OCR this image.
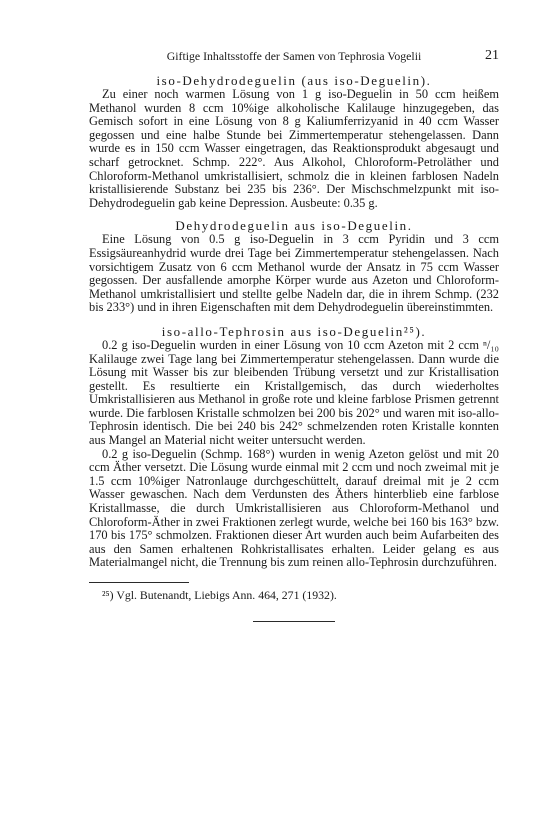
Giftige Inhaltsstoffe der Samen von Tephrosia Vogelii	21
iso-Dehydrodeguelin (aus iso-Deguelin).

Zu einer noch warmen Lösung von 1 g iso-Deguelin in 50 ccm heißem Methanol wurden 8 ccm 10%ige alkoholische Kalilauge hinzugegeben, das Gemisch sofort in eine Lösung von 8 g Kaliumferrizyanid in 40 ccm Wasser gegossen und eine halbe Stunde bei Zimmertemperatur stehengelassen. Dann wurde es in 150 ccm Wasser eingetragen, das Reaktionsprodukt abgesaugt und scharf getrocknet. Schmp. 222°. Aus Alkohol, Chloroform-Petroläther und Chloroform-Methanol umkristallisiert, schmolz die in kleinen farblosen Nadeln kristallisierende Substanz bei 235 bis 236°. Der Mischschmelzpunkt mit iso-Dehydrodeguelin gab keine Depression. Ausbeute: 0.35 g.

Dehydrodeguelin aus iso-Deguelin.

Eine Lösung von 0.5 g iso-Deguelin in 3 ccm Pyridin und 3 ccm Essigsäureanhydrid wurde drei Tage bei Zimmertemperatur stehengelassen. Nach vorsichtigem Zusatz von 6 ccm Methanol wurde der Ansatz in 75 ccm Wasser gegossen. Der ausfallende amorphe Körper wurde aus Azeton und Chloroform-Methanol umkristallisiert und stellte gelbe Nadeln dar, die in ihrem Schmp. (232 bis 233°) und in ihren Eigenschaften mit dem Dehydrodeguelin übereinstimmten.

iso-allo-Tephrosin aus iso-Deguelin²⁵).

0.2 g iso-Deguelin wurden in einer Lösung von 10 ccm Azeton mit 2 ccm ⁿ/₁₀ Kalilauge zwei Tage lang bei Zimmertemperatur stehengelassen. Dann wurde die Lösung mit Wasser bis zur bleibenden Trübung versetzt und zur Kristallisation gestellt. Es resultierte ein Kristallgemisch, das durch wiederholtes Umkristallisieren aus Methanol in große rote und kleine farblose Prismen getrennt wurde. Die farblosen Kristalle schmolzen bei 200 bis 202° und waren mit iso-allo-Tephrosin identisch. Die bei 240 bis 242° schmelzenden roten Kristalle konnten aus Mangel an Material nicht weiter untersucht werden.

0.2 g iso-Deguelin (Schmp. 168°) wurden in wenig Azeton gelöst und mit 20 ccm Äther versetzt. Die Lösung wurde einmal mit 2 ccm und noch zweimal mit je 1.5 ccm 10%iger Natronlauge durchgeschüttelt, darauf dreimal mit je 2 ccm Wasser gewaschen. Nach dem Verdunsten des Äthers hinterblieb eine farblose Kristallmasse, die durch Umkristallisieren aus Chloroform-Methanol und Chloroform-Äther in zwei Fraktionen zerlegt wurde, welche bei 160 bis 163° bzw. 170 bis 175° schmolzen. Fraktionen dieser Art wurden auch beim Aufarbeiten des aus den Samen erhaltenen Rohkristallisates erhalten. Leider gelang es aus Materialmangel nicht, die Trennung bis zum reinen allo-Tephrosin durchzuführen.

²⁵) Vgl. Butenandt, Liebigs Ann. 464, 271 (1932).
